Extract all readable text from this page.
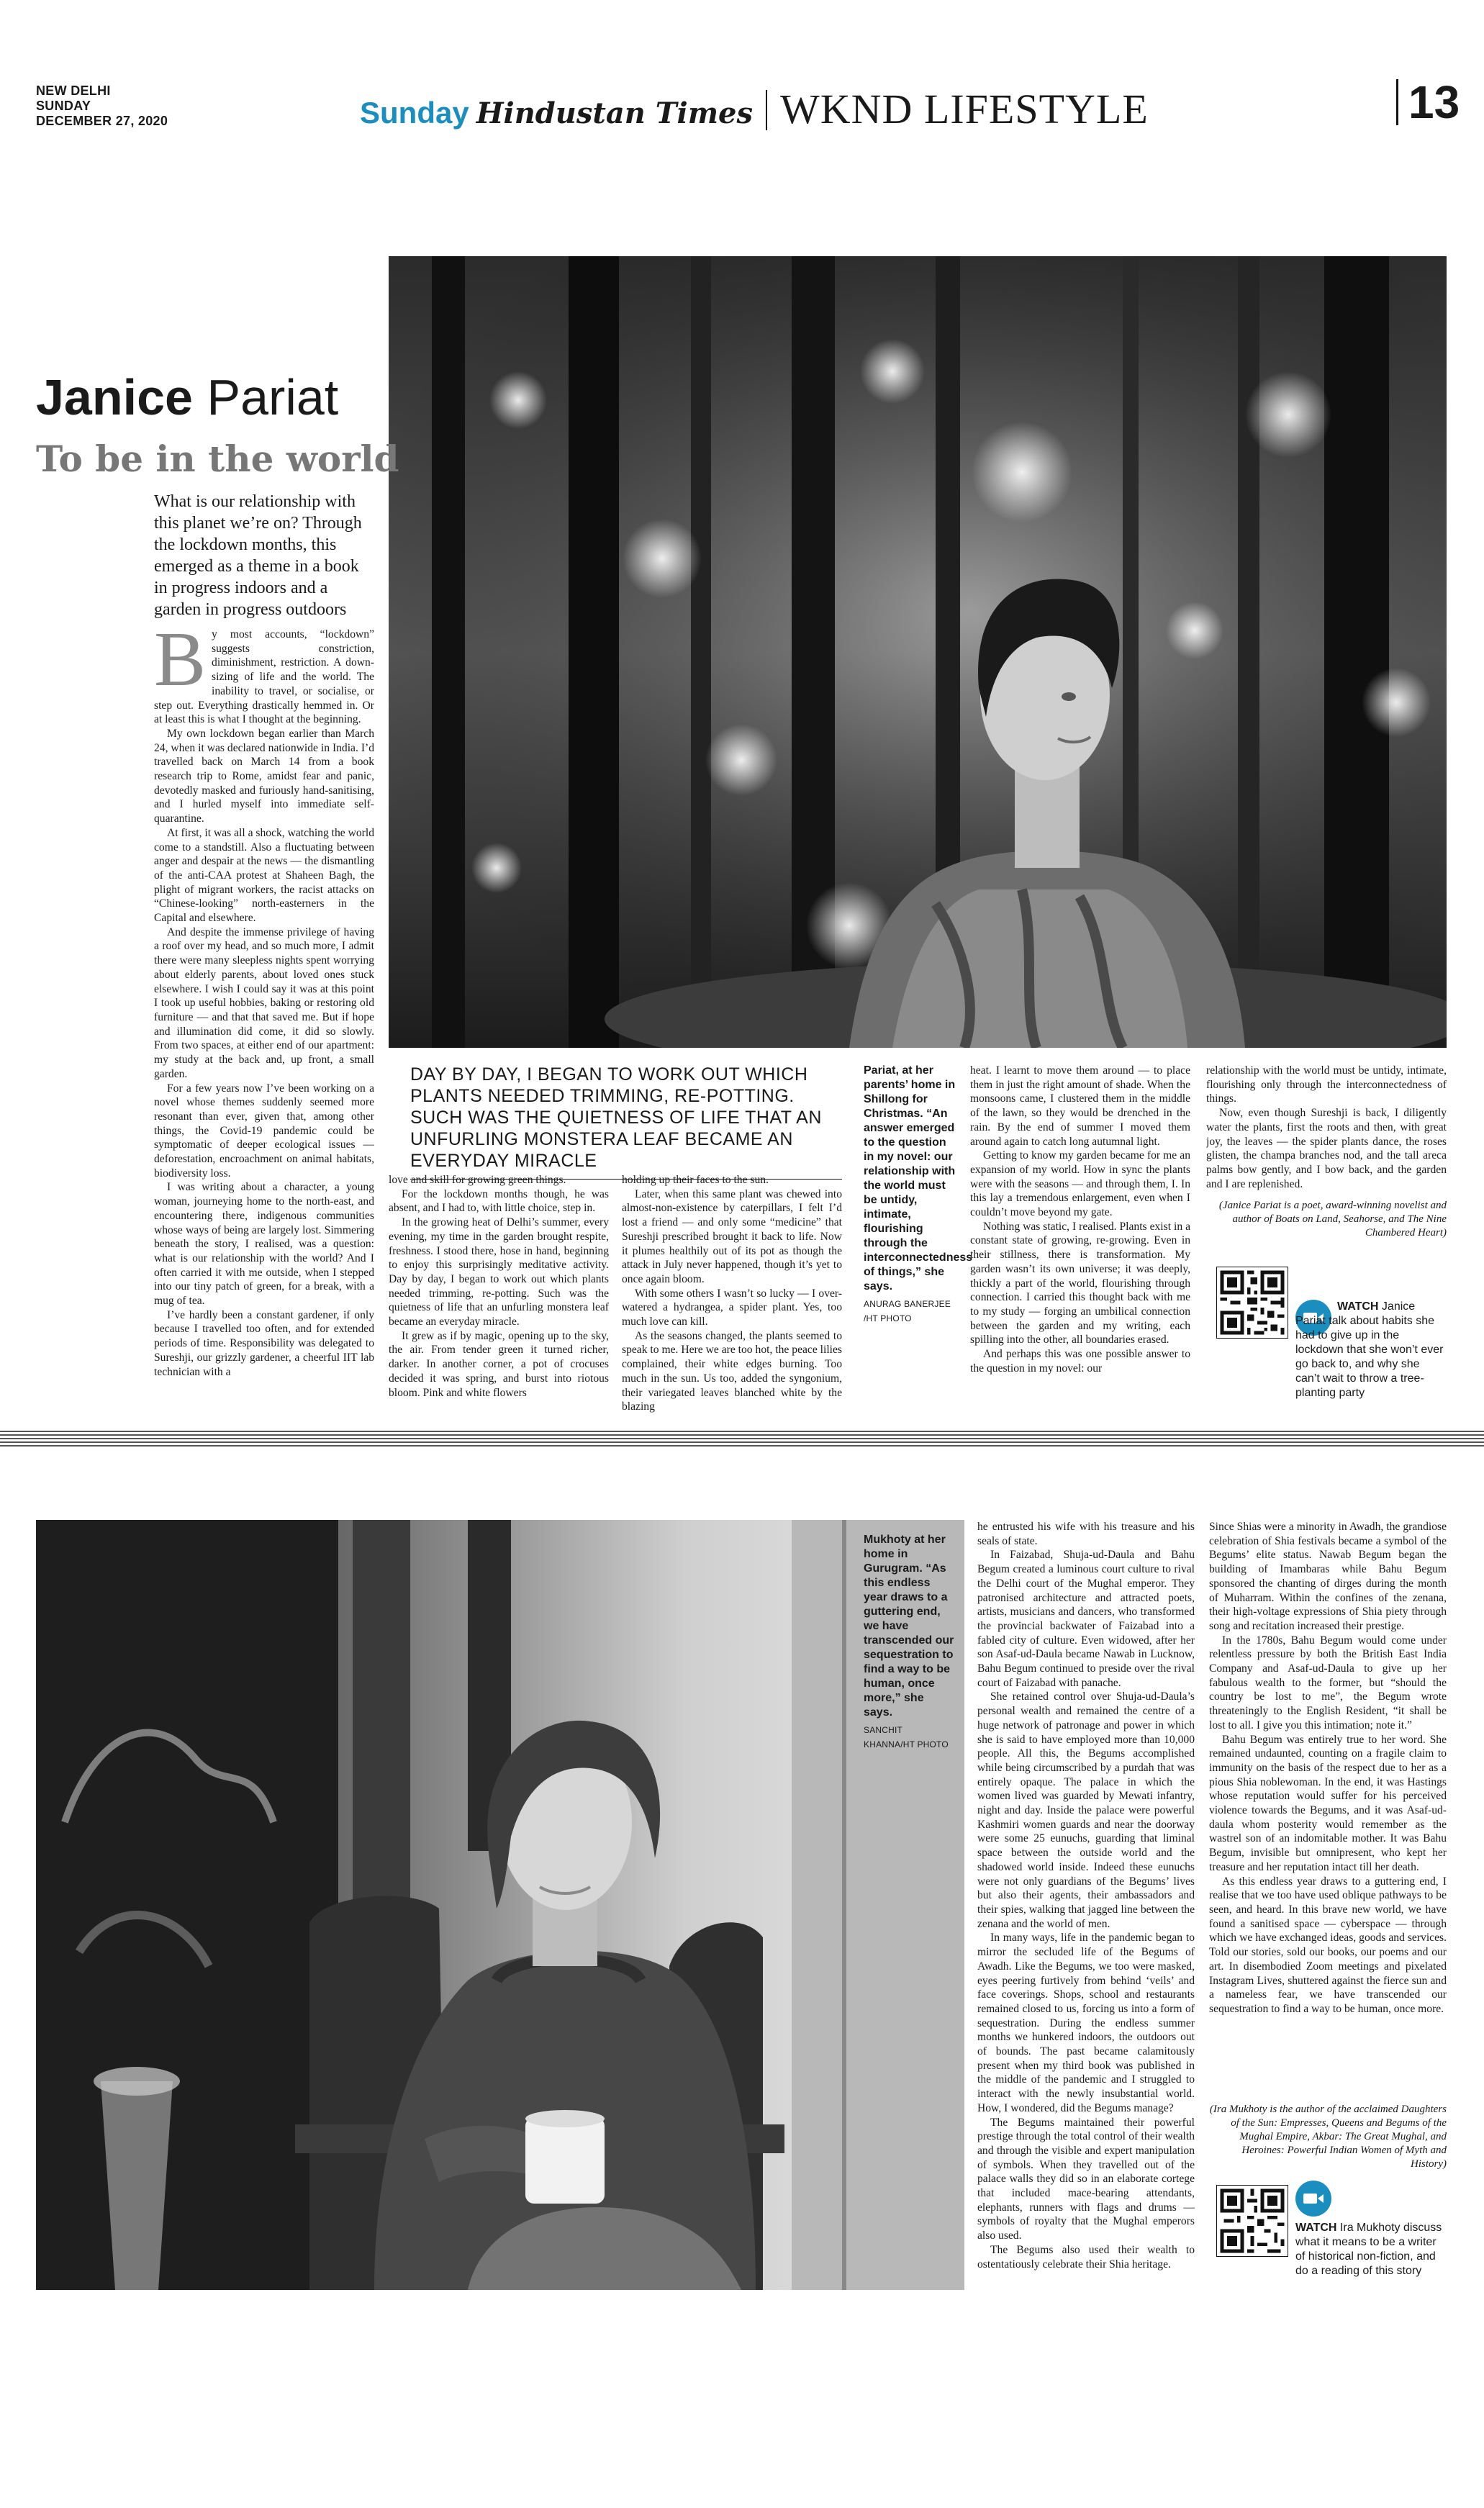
NEW DELHI
SUNDAY
DECEMBER 27, 2020	Sunday Hindustan Times WKND LIFESTYLE	13
Janice Pariat
To be in the world
What is our relationship with this planet we’re on? Through the lockdown months, this emerged as a theme in a book in progress indoors and a garden in progress outdoors

By most accounts, “lockdown” suggests constriction, diminishment, restriction. A down-sizing of life and the world. The inability to travel, or socialise, or step out. Everything drastically hemmed in. Or at least this is what I thought at the beginning.

My own lockdown began earlier than March 24, when it was declared nationwide in India. I’d travelled back on March 14 from a book research trip to Rome, amidst fear and panic, devotedly masked and furiously hand-sanitising, and I hurled myself into immediate self-quarantine.

At first, it was all a shock, watching the world come to a standstill. Also a fluctuating between anger and despair at the news — the dismantling of the anti-CAA protest at Shaheen Bagh, the plight of migrant workers, the racist attacks on “Chinese-looking” north-easterners in the Capital and elsewhere.

And despite the immense privilege of having a roof over my head, and so much more, I admit there were many sleepless nights spent worrying about elderly parents, about loved ones stuck elsewhere. I wish I could say it was at this point I took up useful hobbies, baking or restoring old furniture — and that that saved me. But if hope and illumination did come, it did so slowly. From two spaces, at either end of our apartment: my study at the back and, up front, a small garden.

For a few years now I’ve been working on a novel whose themes suddenly seemed more resonant than ever, given that, among other things, the Covid-19 pandemic could be symptomatic of deeper ecological issues — deforestation, encroachment on animal habitats, biodiversity loss.

I was writing about a character, a young woman, journeying home to the north-east, and encountering there, indigenous communities whose ways of being are largely lost. Simmering beneath the story, I realised, was a question: what is our relationship with the world? And I often carried it with me outside, when I stepped into our tiny patch of green, for a break, with a mug of tea.

I’ve hardly been a constant gardener, if only because I travelled too often, and for extended periods of time. Responsibility was delegated to Sureshji, our grizzly gardener, a cheerful IIT lab technician with a

DAY BY DAY, I BEGAN TO WORK OUT WHICH PLANTS NEEDED TRIMMING, RE-POTTING. SUCH WAS THE QUIETNESS OF LIFE THAT AN UNFURLING MONSTERA LEAF BECAME AN EVERYDAY MIRACLE

love and skill for growing green things.

For the lockdown months though, he was absent, and I had to, with little choice, step in.

In the growing heat of Delhi’s summer, every evening, my time in the garden brought respite, freshness. I stood there, hose in hand, beginning to enjoy this surprisingly meditative activity. Day by day, I began to work out which plants needed trimming, re-potting. Such was the quietness of life that an unfurling monstera leaf became an everyday miracle.

It grew as if by magic, opening up to the sky, the air. From tender green it turned richer, darker. In another corner, a pot of crocuses decided it was spring, and burst into riotous bloom. Pink and white flowers

holding up their faces to the sun.

Later, when this same plant was chewed into almost-non-existence by caterpillars, I felt I’d lost a friend — and only some “medicine” that Sureshji prescribed brought it back to life. Now it plumes healthily out of its pot as though the attack in July never happened, though it’s yet to once again bloom.

With some others I wasn’t so lucky — I over-watered a hydrangea, a spider plant. Yes, too much love can kill.

As the seasons changed, the plants seemed to speak to me. Here we are too hot, the peace lilies complained, their white edges burning. Too much in the sun. Us too, added the syngonium, their variegated leaves blanched white by the blazing

Pariat, at her parents’ home in Shillong for Christmas. “An answer emerged to the question in my novel: our relationship with the world must be untidy, intimate, flourishing through the interconnectedness of things,” she says.
ANURAG BANERJEE /HT PHOTO

heat. I learnt to move them around — to place them in just the right amount of shade. When the monsoons came, I clustered them in the middle of the lawn, so they would be drenched in the rain. By the end of summer I moved them around again to catch long autumnal light.

Getting to know my garden became for me an expansion of my world. How in sync the plants were with the seasons — and through them, I. In this lay a tremendous enlargement, even when I couldn’t move beyond my gate.

Nothing was static, I realised. Plants exist in a constant state of growing, re-growing. Even in their stillness, there is transformation. My garden wasn’t its own universe; it was deeply, thickly a part of the world, flourishing through connection. I carried this thought back with me to my study — forging an umbilical connection between the garden and my writing, each spilling into the other, all boundaries erased.

And perhaps this was one possible answer to the question in my novel: our

relationship with the world must be untidy, intimate, flourishing only through the interconnectedness of things.

Now, even though Sureshji is back, I diligently water the plants, first the roots and then, with great joy, the leaves — the spider plants dance, the roses glisten, the champa branches nod, and the tall areca palms bow gently, and I bow back, and the garden and I are replenished.

(Janice Pariat is a poet, award-winning novelist and author of Boats on Land, Seahorse, and The Nine Chambered Heart)
WATCH Janice Pariat talk about habits she had to give up in the lockdown that she won’t ever go back to, and why she can’t wait to throw a tree-planting party
Mukhoty at her home in Gurugram. “As this endless year draws to a guttering end, we have transcended our sequestration to find a way to be human, once more,” she says.
SANCHIT KHANNA/HT PHOTO

he entrusted his wife with his treasure and his seals of state.

In Faizabad, Shuja-ud-Daula and Bahu Begum created a luminous court culture to rival the Delhi court of the Mughal emperor. They patronised architecture and attracted poets, artists, musicians and dancers, who transformed the provincial backwater of Faizabad into a fabled city of culture. Even widowed, after her son Asaf-ud-Daula became Nawab in Lucknow, Bahu Begum continued to preside over the rival court of Faizabad with panache.

She retained control over Shuja-ud-Daula’s personal wealth and remained the centre of a huge network of patronage and power in which she is said to have employed more than 10,000 people. All this, the Begums accomplished while being circumscribed by a purdah that was entirely opaque. The palace in which the women lived was guarded by Mewati infantry, night and day. Inside the palace were powerful Kashmiri women guards and near the doorway were some 25 eunuchs, guarding that liminal space between the outside world and the shadowed world inside. Indeed these eunuchs were not only guardians of the Begums’ lives but also their agents, their ambassadors and their spies, walking that jagged line between the zenana and the world of men.

In many ways, life in the pandemic began to mirror the secluded life of the Begums of Awadh. Like the Begums, we too were masked, eyes peering furtively from behind ‘veils’ and face coverings. Shops, school and restaurants remained closed to us, forcing us into a form of sequestration. During the endless summer months we hunkered indoors, the outdoors out of bounds. The past became calamitously present when my third book was published in the middle of the pandemic and I struggled to interact with the newly insubstantial world. How, I wondered, did the Begums manage?

The Begums maintained their powerful prestige through the total control of their wealth and through the visible and expert manipulation of symbols. When they travelled out of the palace walls they did so in an elaborate cortege that included mace-bearing attendants, elephants, runners with flags and drums — symbols of royalty that the Mughal emperors also used.

The Begums also used their wealth to ostentatiously celebrate their Shia heritage.

Since Shias were a minority in Awadh, the grandiose celebration of Shia festivals became a symbol of the Begums’ elite status. Nawab Begum began the building of Imambaras while Bahu Begum sponsored the chanting of dirges during the month of Muharram. Within the confines of the zenana, their high-voltage expressions of Shia piety through song and recitation increased their prestige.

In the 1780s, Bahu Begum would come under relentless pressure by both the British East India Company and Asaf-ud-Daula to give up her fabulous wealth to the former, but “should the country be lost to me”, the Begum wrote threateningly to the English Resident, “it shall be lost to all. I give you this intimation; note it.”

Bahu Begum was entirely true to her word. She remained undaunted, counting on a fragile claim to immunity on the basis of the respect due to her as a pious Shia noblewoman. In the end, it was Hastings whose reputation would suffer for his perceived violence towards the Begums, and it was Asaf-ud-daula whom posterity would remember as the wastrel son of an indomitable mother. It was Bahu Begum, invisible but omnipresent, who kept her treasure and her reputation intact till her death.

As this endless year draws to a guttering end, I realise that we too have used oblique pathways to be seen, and heard. In this brave new world, we have found a sanitised space — cyberspace — through which we have exchanged ideas, goods and services. Told our stories, sold our books, our poems and our art. In disembodied Zoom meetings and pixelated Instagram Lives, shuttered against the fierce sun and a nameless fear, we have transcended our sequestration to find a way to be human, once more.

(Ira Mukhoty is the author of the acclaimed Daughters of the Sun: Empresses, Queens and Begums of the Mughal Empire, Akbar: The Great Mughal, and Heroines: Powerful Indian Women of Myth and History)
WATCH Ira Mukhoty discuss what it means to be a writer of historical non-fiction, and do a reading of this story
